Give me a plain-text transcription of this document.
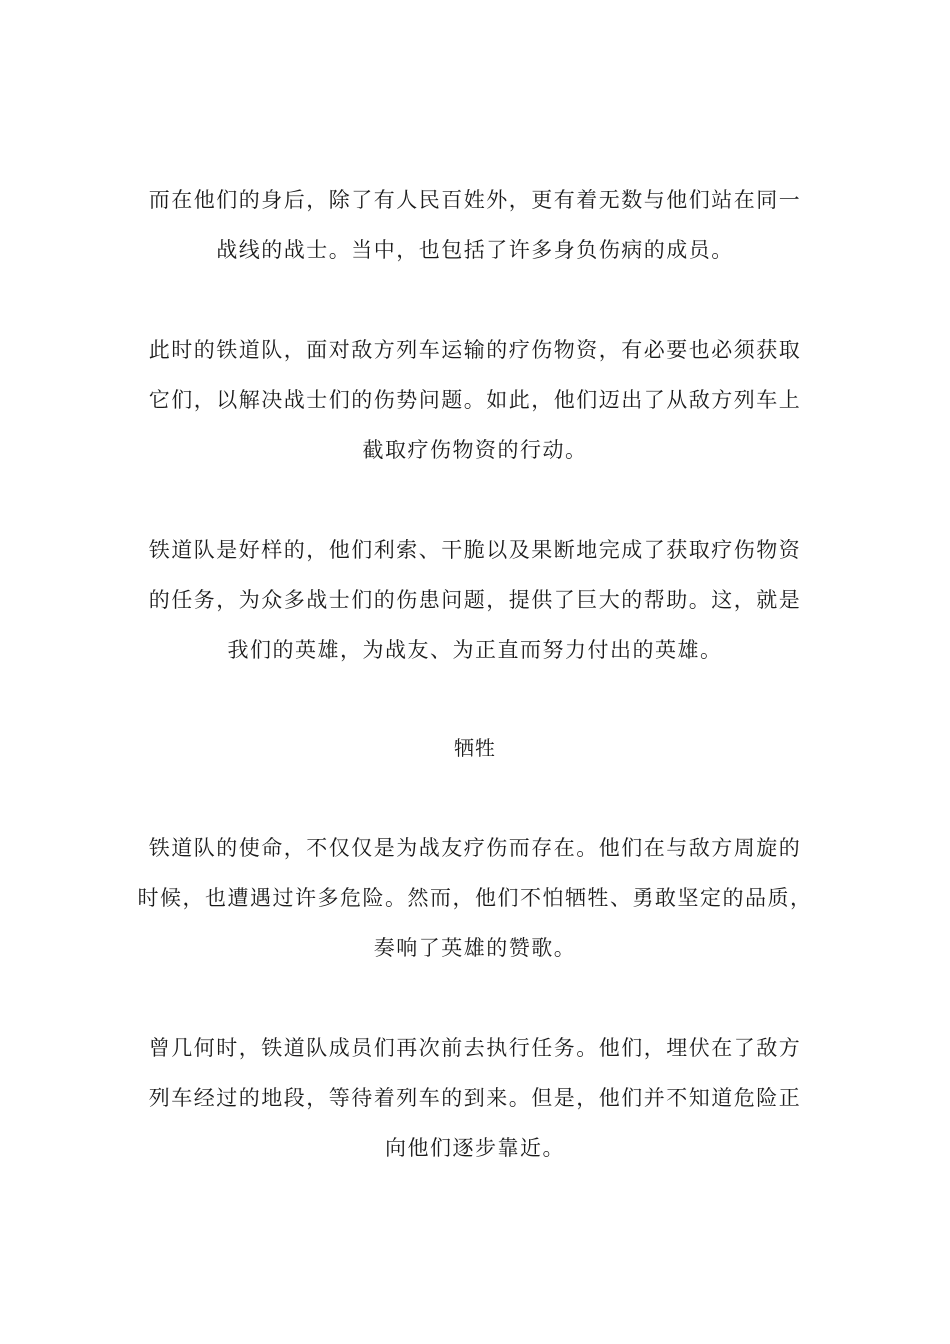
而在他们的身后，除了有人民百姓外，更有着无数与他们站在同一
战线的战士。当中，也包括了许多身负伤病的成员。
此时的铁道队，面对敌方列车运输的疗伤物资，有必要也必须获取
它们，以解决战士们的伤势问题。如此，他们迈出了从敌方列车上
截取疗伤物资的行动。
铁道队是好样的，他们利索、干脆以及果断地完成了获取疗伤物资
的任务，为众多战士们的伤患问题，提供了巨大的帮助。这，就是
我们的英雄，为战友、为正直而努力付出的英雄。
牺牲
铁道队的使命，不仅仅是为战友疗伤而存在。他们在与敌方周旋的
时候，也遭遇过许多危险。然而，他们不怕牺牲、勇敢坚定的品质，
奏响了英雄的赞歌。
曾几何时，铁道队成员们再次前去执行任务。他们，埋伏在了敌方
列车经过的地段，等待着列车的到来。但是，他们并不知道危险正
向他们逐步靠近。
